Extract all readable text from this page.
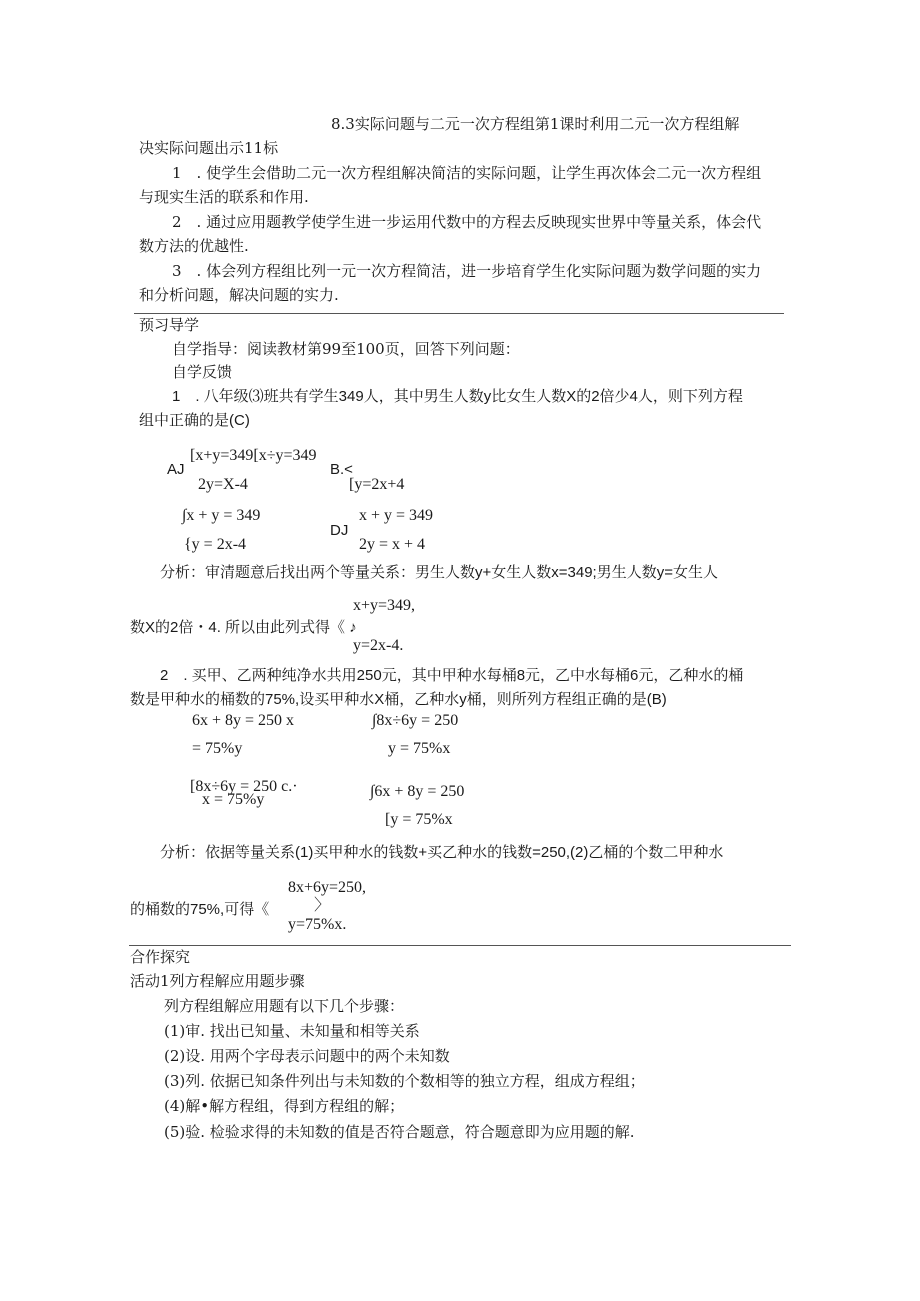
8.3实际问题与二元一次方程组第1课时利用二元一次方程组解
决实际问题出示11标
1　. 使学生会借助二元一次方程组解决简洁的实际问题，让学生再次体会二元一次方程组
与现实生活的联系和作用.
2　. 通过应用题教学使学生进一步运用代数中的方程去反映现实世界中等量关系，体会代
数方法的优越性.
3　. 体会列方程组比列一元一次方程简洁，进一步培育学生化实际问题为数学问题的实力
和分析问题，解决问题的实力.
预习导学
自学指导：阅读教材第99至100页，回答下列问题：
自学反馈
1　. 八年级⑶班共有学生349人，其中男生人数y比女生人数X的2倍少4人，则下列方程
组中正确的是(C)
AJ
[x+y=349[x÷y=349
2y=X-4
B.<
[y=2x+4
∫x + y = 349
{y = 2x-4
DJ
x + y = 349
2y = x + 4
分析：审清题意后找出两个等量关系：男生人数y+女生人数x=349;男生人数y=女生人
x+y=349,
数X的2倍・4. 所以由此列式得《 ♪
y=2x-4.
2　. 买甲、乙两种纯净水共用250元，其中甲种水每桶8元，乙中水每桶6元，乙种水的桶
数是甲种水的桶数的75%,设买甲种水X桶，乙种水y桶，则所列方程组正确的是(B)
6x + 8y = 250 x
= 75%y
∫8x÷6y = 250
y = 75%x
[8x÷6y = 250 c.·
x = 75%y	∫6x + 8y = 250
[y = 75%x
分析：依据等量关系(1)买甲种水的钱数+买乙种水的钱数=250,(2)乙桶的个数二甲种水
8x+6y=250,
的桶数的75%,可得《	〉
y=75%x.
合作探究
活动1列方程解应用题步骤
列方程组解应用题有以下几个步骤：
(1)审. 找出已知量、未知量和相等关系
(2)设. 用两个字母表示问题中的两个未知数
(3)列. 依据已知条件列出与未知数的个数相等的独立方程，组成方程组；
(4)解•解方程组，得到方程组的解；
(5)验. 检验求得的未知数的值是否符合题意，符合题意即为应用题的解.
